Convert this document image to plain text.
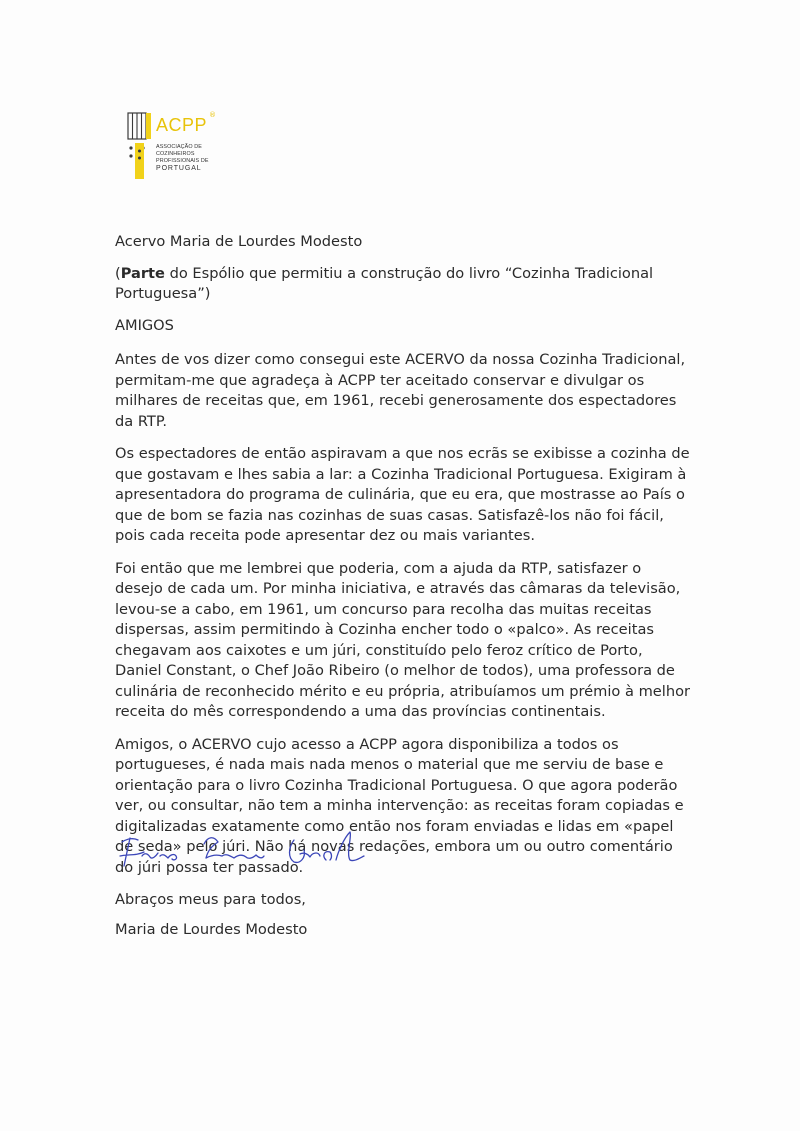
ACPP ®
ASSOCIAÇÃO DE
COZINHEIROS
PROFISSIONAIS DE
PORTUGAL

Acervo Maria de Lourdes Modesto

(Parte do Espólio que permitiu a construção do livro “Cozinha Tradicional Portuguesa”)

AMIGOS

Antes de vos dizer como consegui este ACERVO da nossa Cozinha Tradicional, permitam-me que agradeça à ACPP ter aceitado conservar e divulgar os milhares de receitas que, em 1961, recebi generosamente dos espectadores da RTP.

Os espectadores de então aspiravam a que nos ecrãs se exibisse a cozinha de que gostavam e lhes sabia a lar: a Cozinha Tradicional Portuguesa. Exigiram à apresentadora do programa de culinária, que eu era, que mostrasse ao País o que de bom se fazia nas cozinhas de suas casas. Satisfazê-los não foi fácil, pois cada receita pode apresentar dez ou mais variantes.

Foi então que me lembrei que poderia, com a ajuda da RTP, satisfazer o desejo de cada um. Por minha iniciativa, e através das câmaras da televisão, levou-se a cabo, em 1961, um concurso para recolha das muitas receitas dispersas, assim permitindo à Cozinha encher todo o «palco». As receitas chegavam aos caixotes e um júri, constituído pelo feroz crítico de Porto, Daniel Constant, o Chef João Ribeiro (o melhor de todos), uma professora de culinária de reconhecido mérito e eu própria, atribuíamos um prémio à melhor receita do mês correspondendo a uma das províncias continentais.

Amigos, o ACERVO cujo acesso a ACPP agora disponibiliza a todos os portugueses, é nada mais nada menos o material que me serviu de base e orientação para o livro Cozinha Tradicional Portuguesa. O que agora poderão ver, ou consultar, não tem a minha intervenção: as receitas foram copiadas e digitalizadas exatamente como então nos foram enviadas e lidas em «papel de seda» pelo júri. Não há novas redações, embora um ou outro comentário do júri possa ter passado.

Abraços meus para todos,

Maria de Lourdes Modesto
